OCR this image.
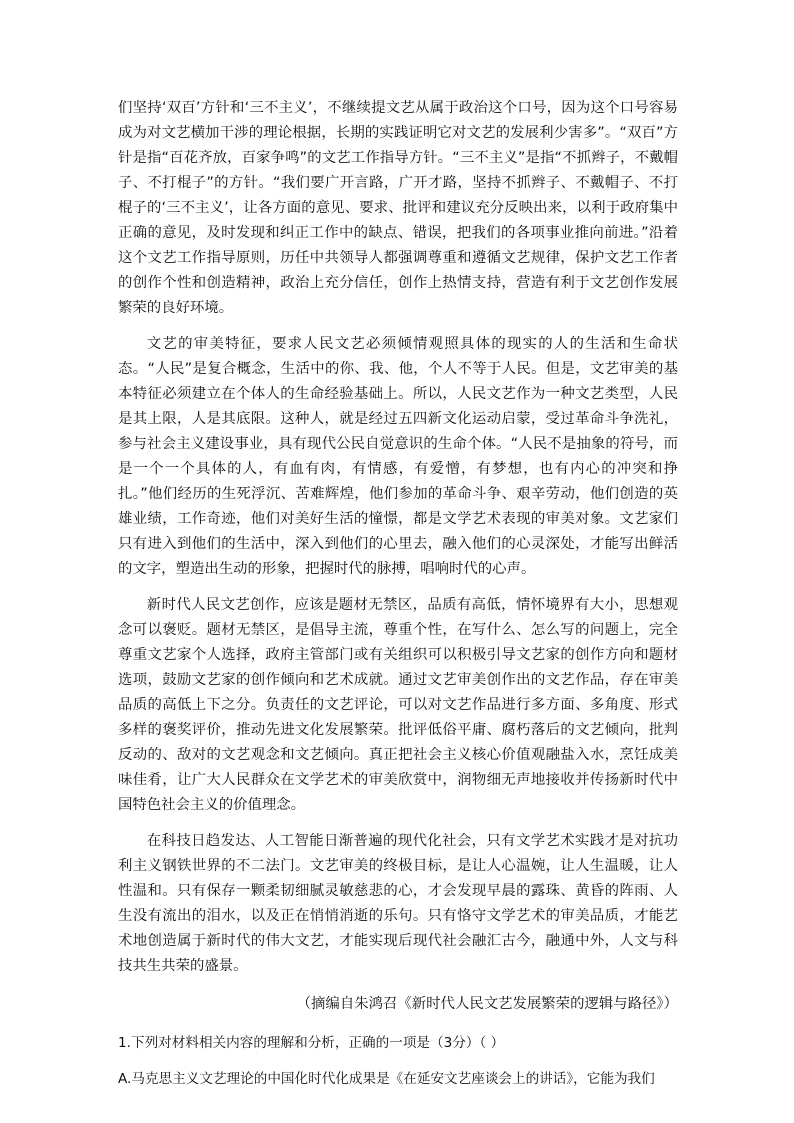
们坚持‘双百’方针和‘三不主义’，不继续提文艺从属于政治这个口号，因为这个口号容易成为对文艺横加干涉的理论根据，长期的实践证明它对文艺的发展利少害多”。“双百”方针是指“百花齐放，百家争鸣”的文艺工作指导方针。“三不主义”是指“不抓辫子，不戴帽子、不打棍子”的方针。“我们要广开言路，广开才路，坚持不抓辫子、不戴帽子、不打棍子的‘三不主义’，让各方面的意见、要求、批评和建议充分反映出来，以利于政府集中正确的意见，及时发现和纠正工作中的缺点、错误，把我们的各项事业推向前进。”沿着这个文艺工作指导原则，历任中共领导人都强调尊重和遵循文艺规律，保护文艺工作者的创作个性和创造精神，政治上充分信任，创作上热情支持，营造有利于文艺创作发展繁荣的良好环境。

文艺的审美特征，要求人民文艺必须倾情观照具体的现实的人的生活和生命状态。“人民”是复合概念，生活中的你、我、他，个人不等于人民。但是，文艺审美的基本特征必须建立在个体人的生命经验基础上。所以，人民文艺作为一种文艺类型，人民是其上限，人是其底限。这种人，就是经过五四新文化运动启蒙，受过革命斗争洗礼，参与社会主义建设事业，具有现代公民自觉意识的生命个体。“人民不是抽象的符号，而是一个一个具体的人，有血有肉，有情感，有爱憎，有梦想，也有内心的冲突和挣扎。”他们经历的生死浮沉、苦难辉煌，他们参加的革命斗争、艰辛劳动，他们创造的英雄业绩，工作奇迹，他们对美好生活的憧憬，都是文学艺术表现的审美对象。文艺家们只有进入到他们的生活中，深入到他们的心里去，融入他们的心灵深处，才能写出鲜活的文字，塑造出生动的形象，把握时代的脉搏，唱响时代的心声。

新时代人民文艺创作，应该是题材无禁区，品质有高低，情怀境界有大小，思想观念可以褒贬。题材无禁区，是倡导主流，尊重个性，在写什么、怎么写的问题上，完全尊重文艺家个人选择，政府主管部门或有关组织可以积极引导文艺家的创作方向和题材选项，鼓励文艺家的创作倾向和艺术成就。通过文艺审美创作出的文艺作品，存在审美品质的高低上下之分。负责任的文艺评论，可以对文艺作品进行多方面、多角度、形式多样的褒奖评价，推动先进文化发展繁荣。批评低俗平庸、腐朽落后的文艺倾向，批判反动的、敌对的文艺观念和文艺倾向。真正把社会主义核心价值观融盐入水，烹饪成美味佳肴，让广大人民群众在文学艺术的审美欣赏中，润物细无声地接收并传扬新时代中国特色社会主义的价值理念。

在科技日趋发达、人工智能日渐普遍的现代化社会，只有文学艺术实践才是对抗功利主义钢铁世界的不二法门。文艺审美的终极目标，是让人心温婉，让人生温暖，让人性温和。只有保存一颗柔韧细腻灵敏慈悲的心，才会发现早晨的露珠、黄昏的阵雨、人生没有流出的泪水，以及正在悄悄消逝的乐句。只有恪守文学艺术的审美品质，才能艺术地创造属于新时代的伟大文艺，才能实现后现代社会融汇古今，融通中外，人文与科技共生共荣的盛景。

（摘编自朱鸿召《新时代人民文艺发展繁荣的逻辑与路径》）

1.下列对材料相关内容的理解和分析，正确的一项是（3分）（ ）

A.马克思主义文艺理论的中国化时代化成果是《在延安文艺座谈会上的讲话》，它能为我们
